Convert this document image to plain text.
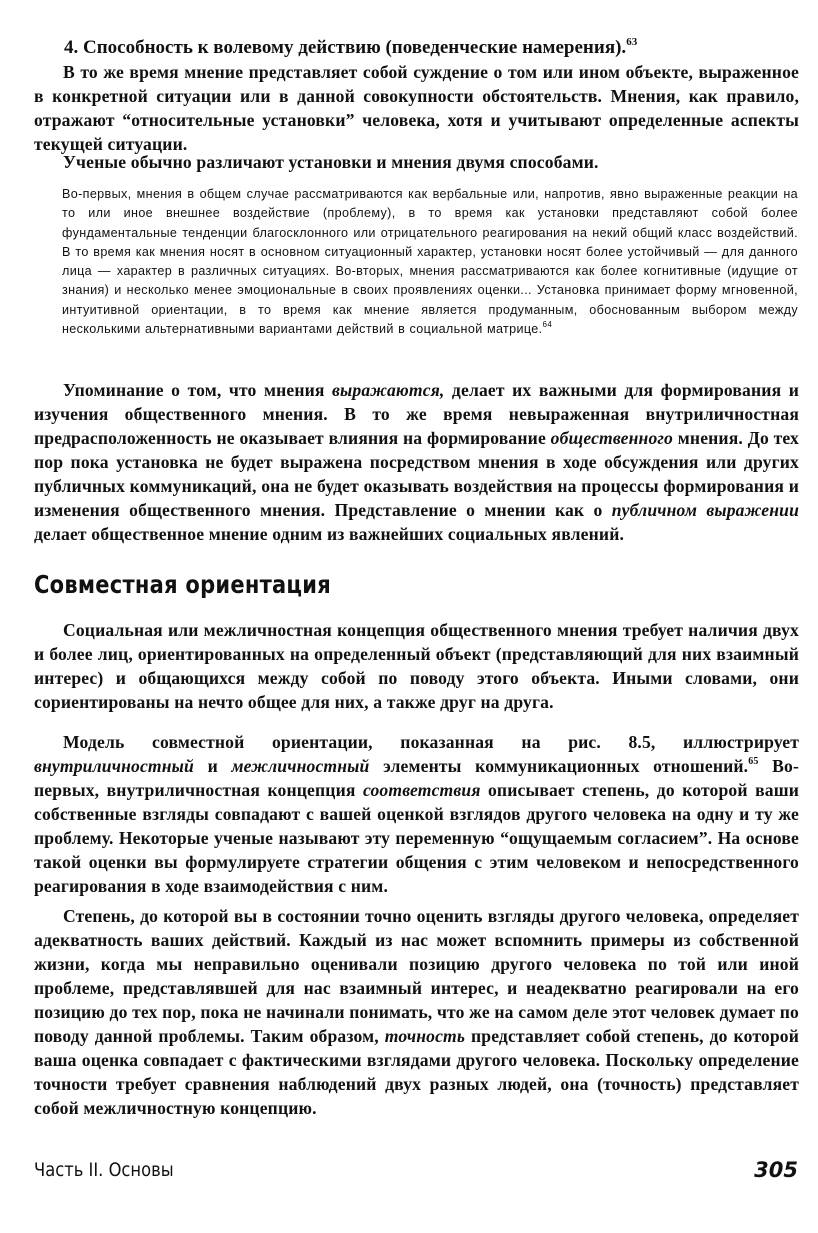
4. Способность к волевому действию (поведенческие намерения).$^{63}$

В то же время мнение представляет собой суждение о том или ином объекте, выраженное в конкретной ситуации или в данной совокупности обстоятельств. Мнения, как правило, отражают “относительные установки” человека, хотя и учитывают определенные аспекты текущей ситуации.

Ученые обычно различают установки и мнения двумя способами.

Во-первых, мнения в общем случае рассматриваются как вербальные или, напротив, явно выраженные реакции на то или иное внешнее воздействие (проблему), в то время как установки представляют собой более фундаментальные тенденции благосклонного или отрицательного реагирования на некий общий класс воздействий. В то время как мнения носят в основном ситуационный характер, установки носят более устойчивый — для данного лица — характер в различных ситуациях. Во-вторых, мнения рассматриваются как более когнитивные (идущие от знания) и несколько менее эмоциональные в своих проявлениях оценки... Установка принимает форму мгновенной, интуитивной ориентации, в то время как мнение является продуманным, обоснованным выбором между несколькими альтернативными вариантами действий в социальной матрице.$^{64}$

Упоминание о том, что мнения выражаются, делает их важными для формирования и изучения общественного мнения. В то же время невыраженная внутриличностная предрасположенность не оказывает влияния на формирование общественного мнения. До тех пор пока установка не будет выражена посредством мнения в ходе обсуждения или других публичных коммуникаций, она не будет оказывать воздействия на процессы формирования и изменения общественного мнения. Представление о мнении как о публичном выражении делает общественное мнение одним из важнейших социальных явлений.

Совместная ориентация

Социальная или межличностная концепция общественного мнения требует наличия двух и более лиц, ориентированных на определенный объект (представляющий для них взаимный интерес) и общающихся между собой по поводу этого объекта. Иными словами, они сориентированы на нечто общее для них, а также друг на друга.

Модель совместной ориентации, показанная на рис. 8.5, иллюстрирует внутриличностный и межличностный элементы коммуникационных отношений.$^{65}$ Во-первых, внутриличностная концепция соответствия описывает степень, до которой ваши собственные взгляды совпадают с вашей оценкой взглядов другого человека на одну и ту же проблему. Некоторые ученые называют эту переменную “ощущаемым согласием”. На основе такой оценки вы формулируете стратегии общения с этим человеком и непосредственного реагирования в ходе взаимодействия с ним.

Степень, до которой вы в состоянии точно оценить взгляды другого человека, определяет адекватность ваших действий. Каждый из нас может вспомнить примеры из собственной жизни, когда мы неправильно оценивали позицию другого человека по той или иной проблеме, представлявшей для нас взаимный интерес, и неадекватно реагировали на его позицию до тех пор, пока не начинали понимать, что же на самом деле этот человек думает по поводу данной проблемы. Таким образом, точность представляет собой степень, до которой ваша оценка совпадает с фактическими взглядами другого человека. Поскольку определение точности требует сравнения наблюдений двух разных людей, она (точность) представляет собой межличностную концепцию.

Часть II. Основы	305
